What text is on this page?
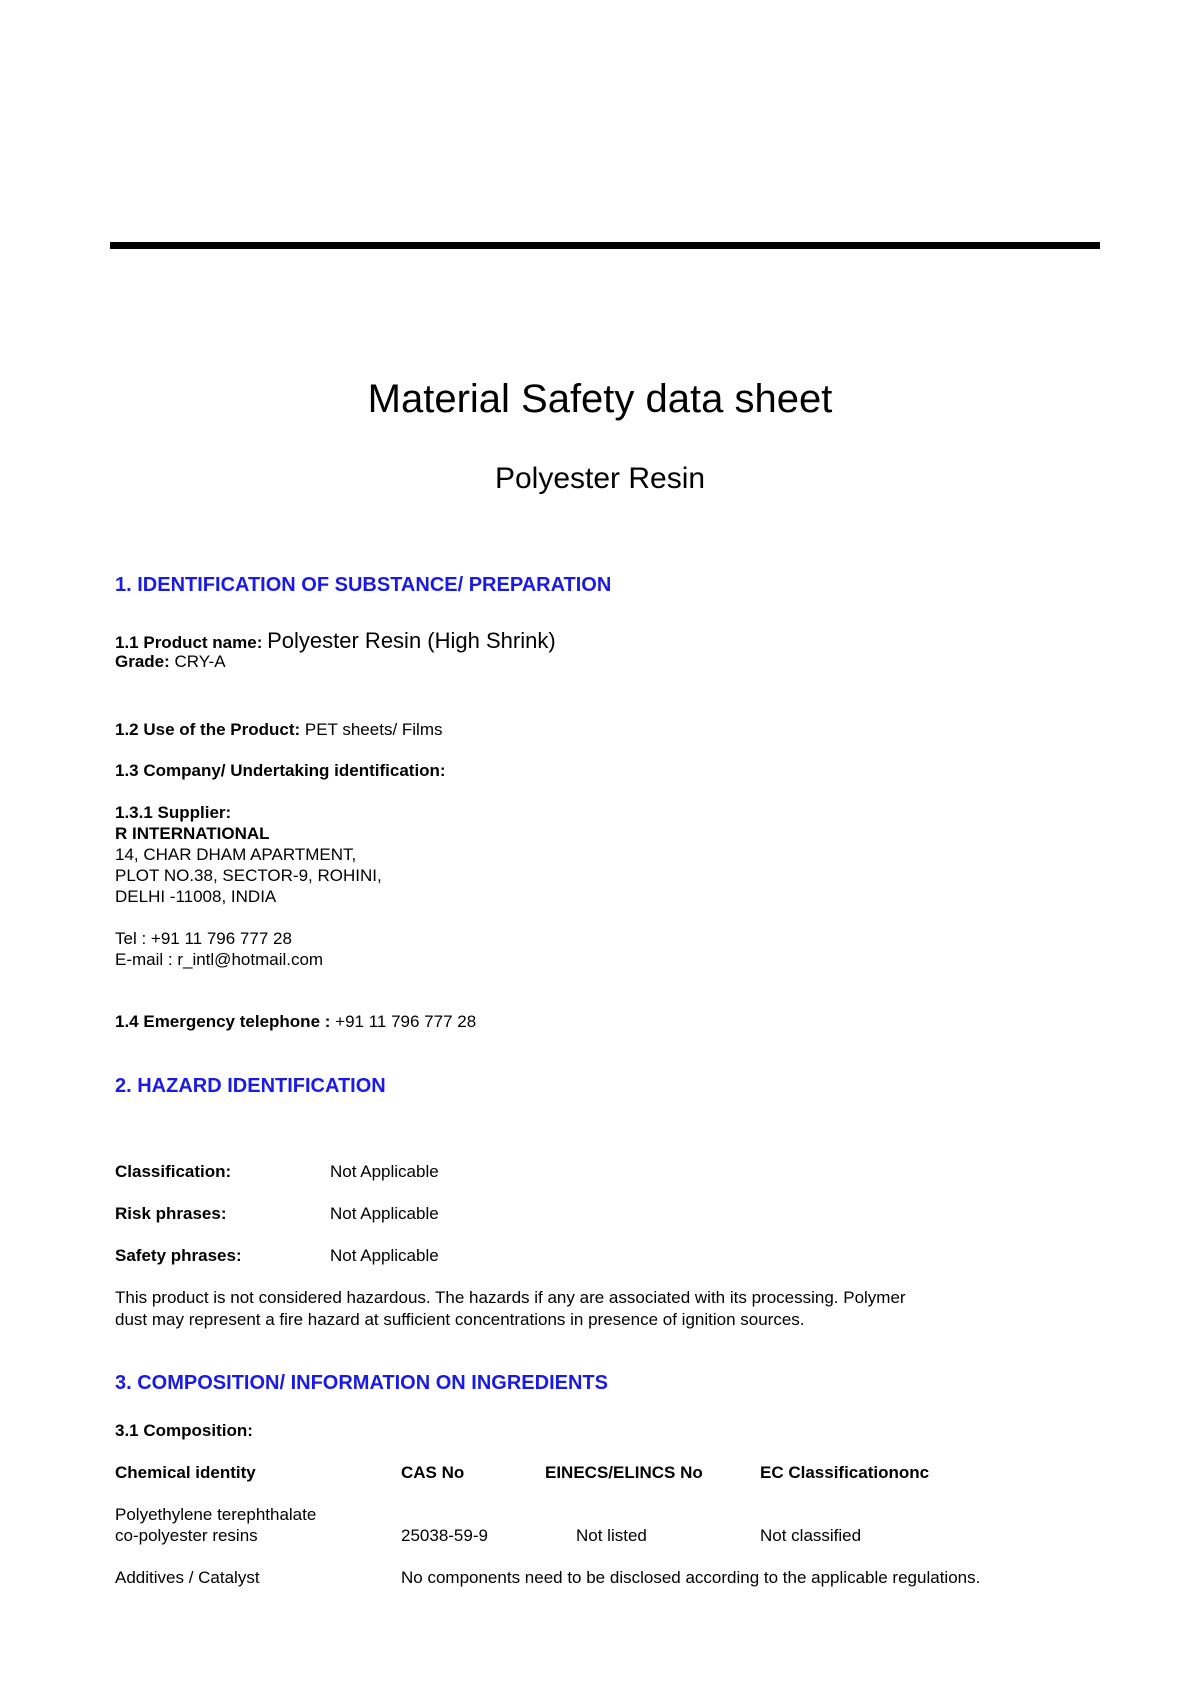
Material Safety data sheet
Polyester Resin
1. IDENTIFICATION OF SUBSTANCE/ PREPARATION
1.1 Product name: Polyester Resin (High Shrink)
Grade: CRY-A
1.2 Use of the Product: PET sheets/ Films
1.3 Company/ Undertaking identification:
1.3.1 Supplier:
R INTERNATIONAL
14, CHAR DHAM APARTMENT,
PLOT NO.38, SECTOR-9, ROHINI,
DELHI -11008, INDIA
Tel : +91 11 796 777 28
E-mail : r_intl@hotmail.com
1.4 Emergency telephone : +91 11 796 777 28
2. HAZARD IDENTIFICATION
Classification:	Not Applicable
Risk phrases:	Not Applicable
Safety phrases:	Not Applicable
This product is not considered hazardous. The hazards if any are associated with its processing. Polymer
dust may represent a fire hazard at sufficient concentrations in presence of ignition sources.
3. COMPOSITION/ INFORMATION ON INGREDIENTS
3.1 Composition:
Chemical identity	CAS No	EINECS/ELINCS No	EC Classificationonc
Polyethylene terephthalate
co-polyester resins	25038-59-9	Not listed	Not classified
Additives / Catalyst	No components need to be disclosed according to the applicable regulations.
